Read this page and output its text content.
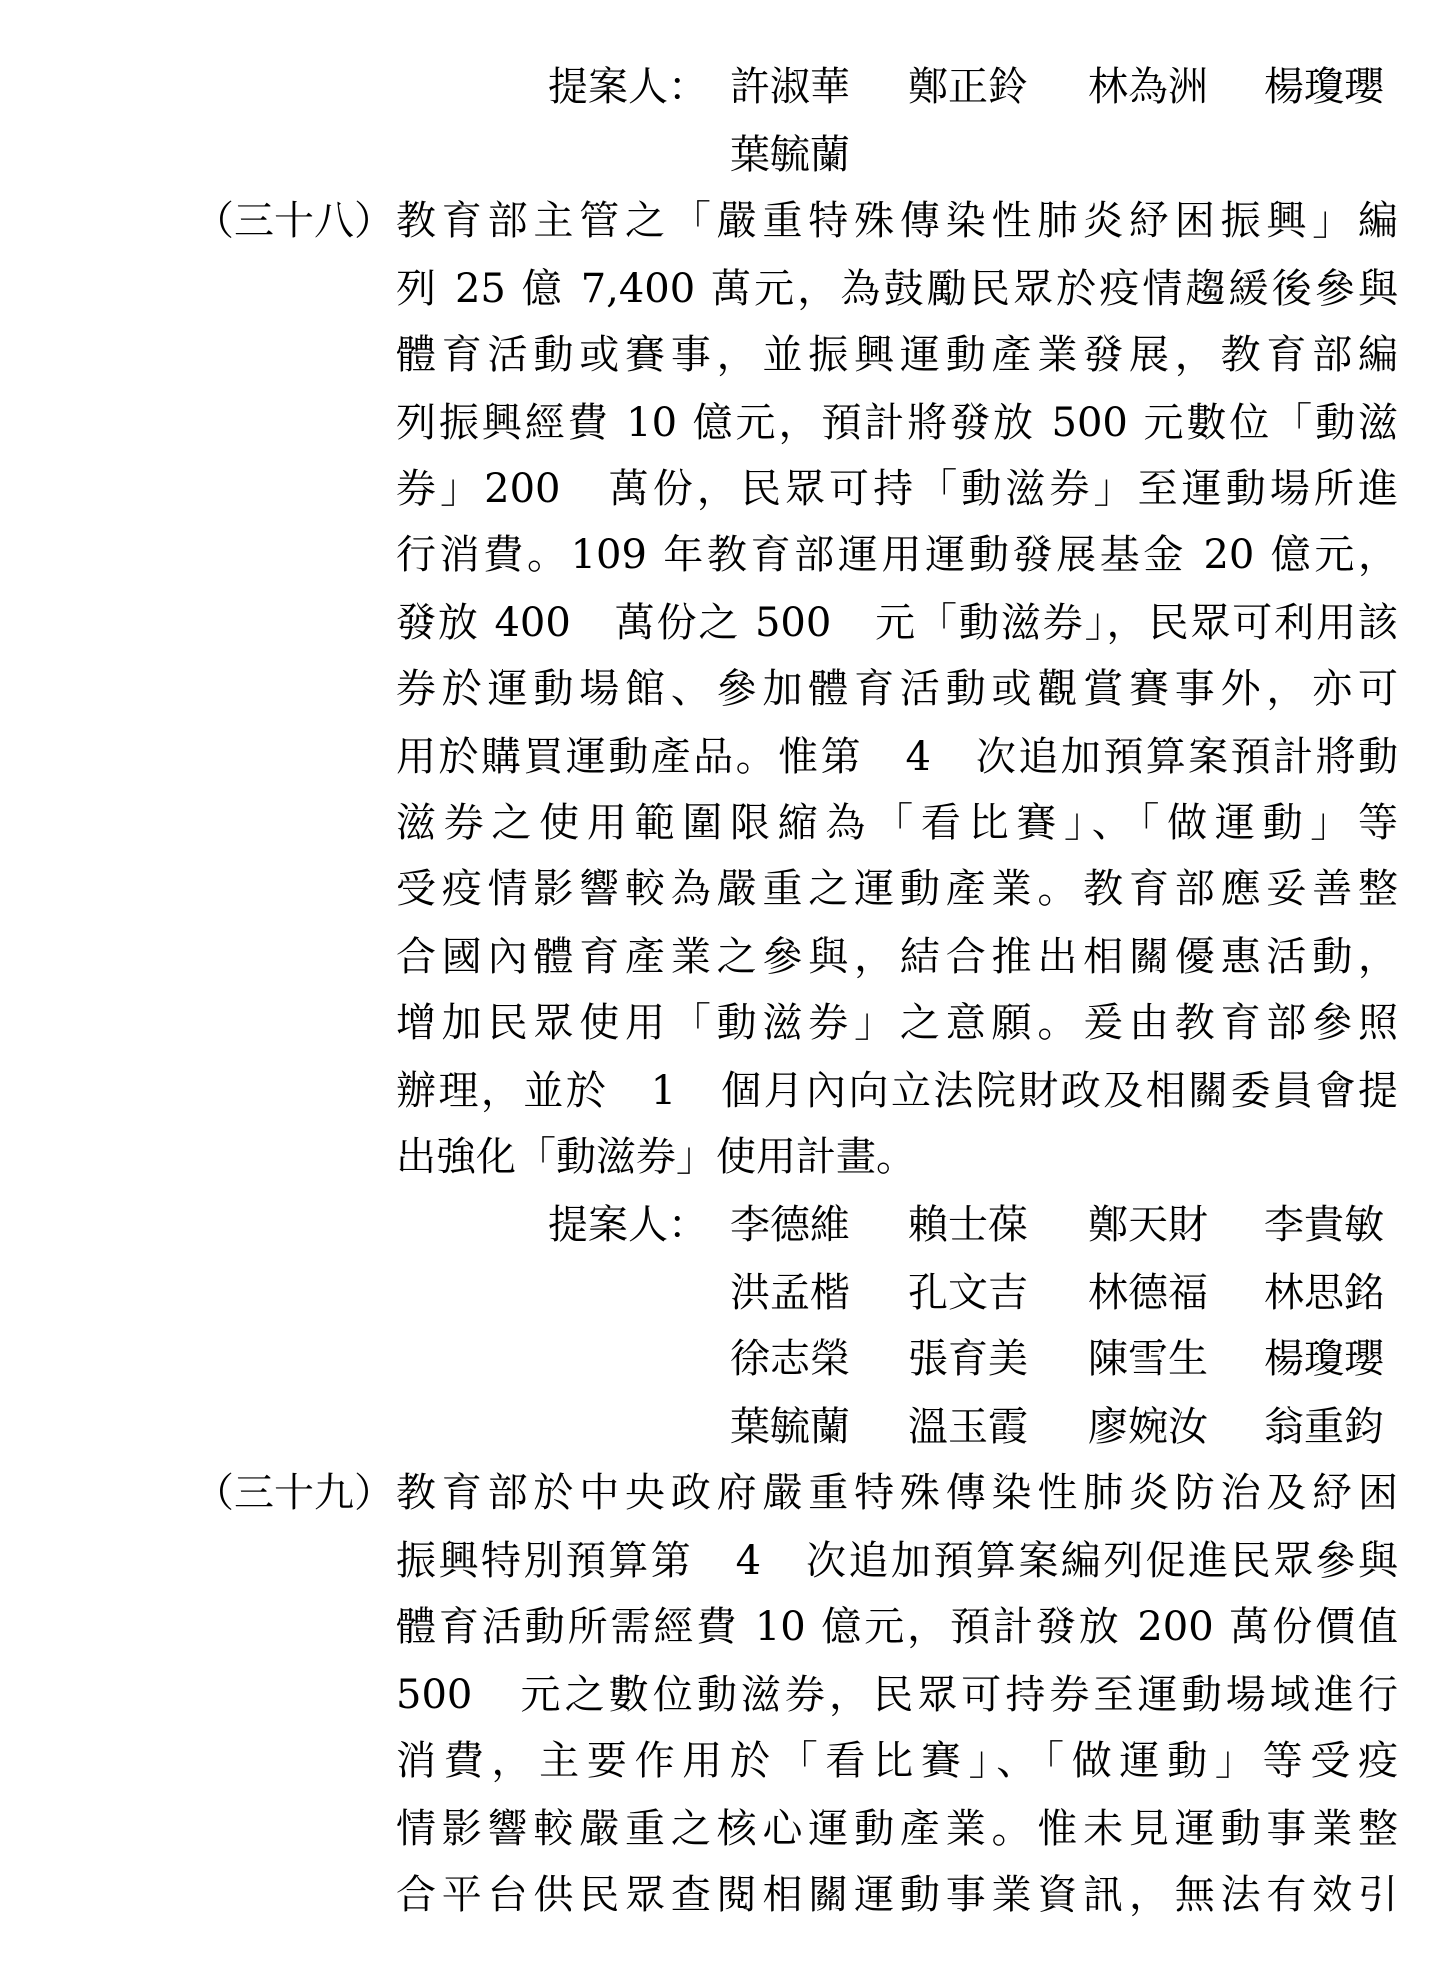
提案人： 許淑華 鄭正鈴 林為洲 楊瓊瓔
葉毓蘭
（三十八） 教育部主管之「嚴重特殊傳染性肺炎紓困振興」編
列 25 億 7,400 萬元，為鼓勵民眾於疫情趨緩後參與
體育活動或賽事，並振興運動產業發展，教育部編
列振興經費 10 億元，預計將發放 500 元數位「動滋
券」200　萬份，民眾可持「動滋券」至運動場所進
行消費。109 年教育部運用運動發展基金 20 億元，
發放 400　萬份之 500　元「動滋券」，民眾可利用該
券於運動場館、參加體育活動或觀賞賽事外，亦可
用於購買運動產品。惟第　4　次追加預算案預計將動
滋券之使用範圍限縮為「看比賽」、「做運動」等
受疫情影響較為嚴重之運動產業。教育部應妥善整
合國內體育產業之參與，結合推出相關優惠活動，
增加民眾使用「動滋券」之意願。爰由教育部參照
辦理，並於　1　個月內向立法院財政及相關委員會提
出強化「動滋券」使用計畫。
提案人： 李德維 賴士葆 鄭天財 李貴敏
洪孟楷 孔文吉 林德福 林思銘
徐志榮 張育美 陳雪生 楊瓊瓔
葉毓蘭 溫玉霞 廖婉汝 翁重鈞
（三十九） 教育部於中央政府嚴重特殊傳染性肺炎防治及紓困
振興特別預算第　4　次追加預算案編列促進民眾參與
體育活動所需經費 10 億元，預計發放 200 萬份價值
500　元之數位動滋券，民眾可持券至運動場域進行
消費，主要作用於「看比賽」、「做運動」等受疫
情影響較嚴重之核心運動產業。惟未見運動事業整
合平台供民眾查閱相關運動事業資訊，無法有效引
